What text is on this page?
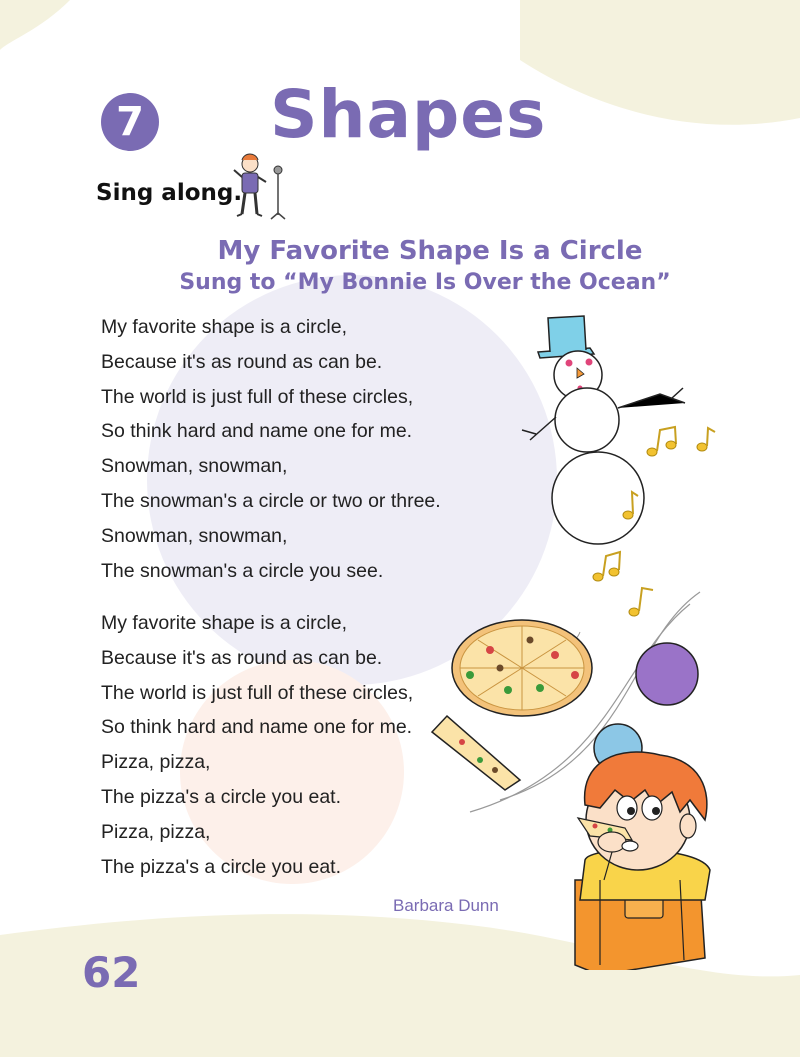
7 Shapes
Sing along.
My Favorite Shape Is a Circle
Sung to “My Bonnie Is Over the Ocean”
My favorite shape is a circle,
Because it's as round as can be.
The world is just full of these circles,
So think hard and name one for me.
Snowman, snowman,
The snowman's a circle or two or three.
Snowman, snowman,
The snowman's a circle you see.
My favorite shape is a circle,
Because it's as round as can be.
The world is just full of these circles,
So think hard and name one for me.
Pizza, pizza,
The pizza's a circle you eat.
Pizza, pizza,
The pizza's a circle you eat.
Barbara Dunn
62
